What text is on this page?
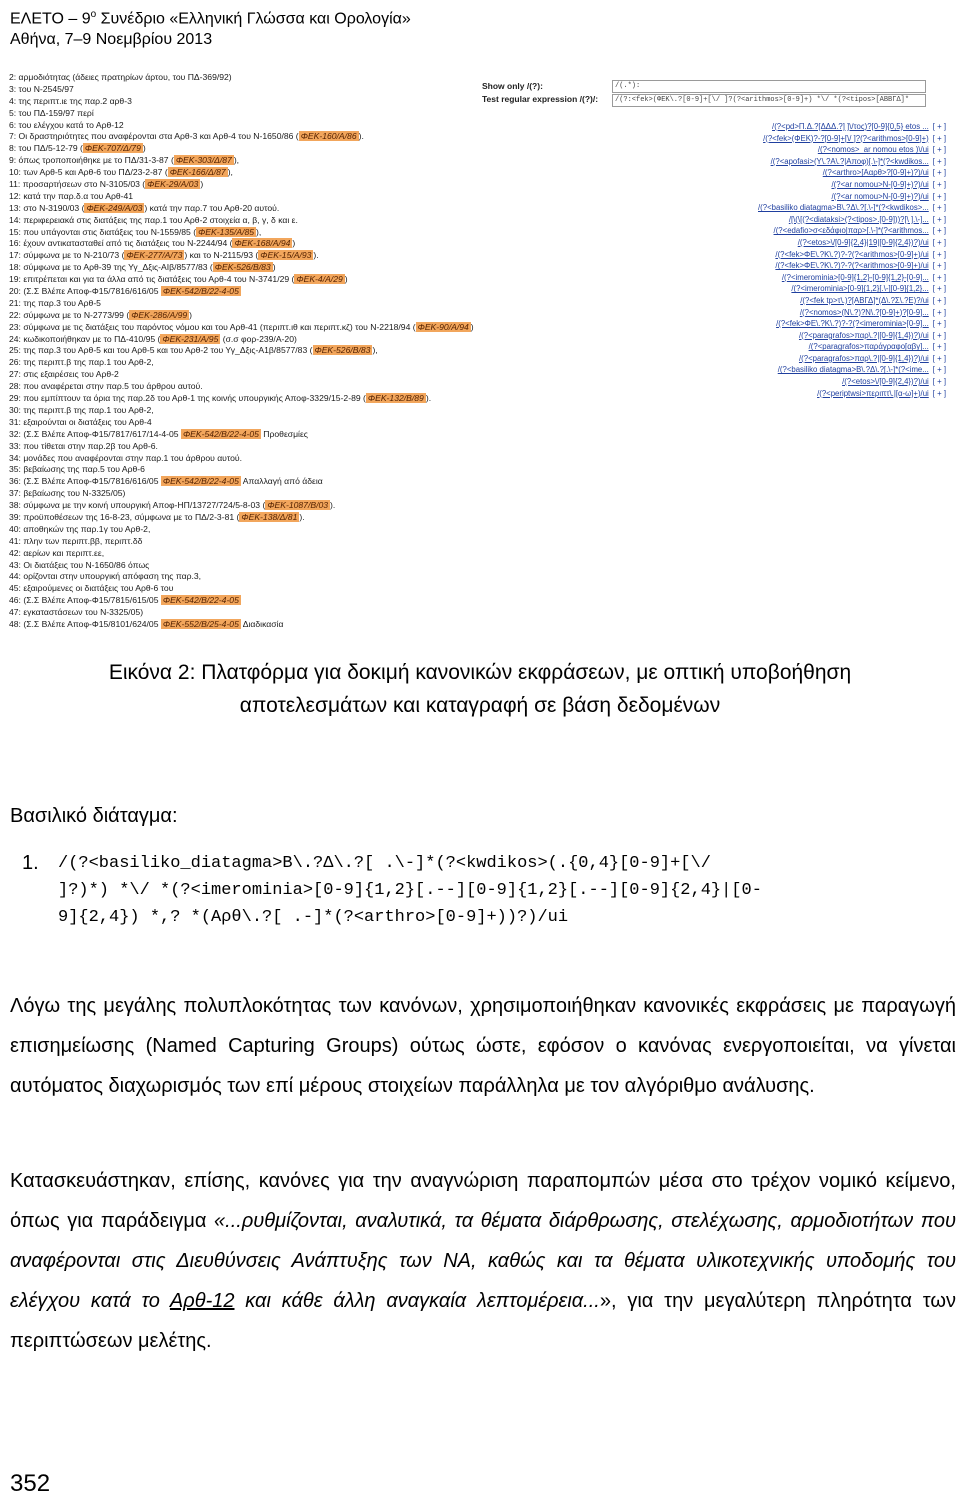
ΕΛΕΤΟ – $9^o$ Συνέδριο «Ελληνική Γλώσσα και Ορολογία»
Αθήνα, 7–9 Νοεμβρίου 2013
2: αρμοδιότητας (άδειες πρατηρίων άρτου, του ΠΔ-369/92)
3: του Ν-2545/97
4: της περιπτ.ιε της παρ.2 αρθ-3
5: του ΠΔ-159/97 περί
6: του ελέγχου κατά το Αρθ-12
7: Οι δραστηριότητες που αναφέρονται στα Αρθ-3 και Αρθ-4 του Ν-1650/86 ( ΦΕΚ-160/Α/86 ).
8: του ΠΔ/5-12-79 ( ΦΕΚ-707/Δ/79 )
9: όπως τροποποιήθηκε με το ΠΔ/31-3-87 ( ΦΕΚ-303/Δ/87 ),
10: των Αρθ-5 και Αρθ-6 του ΠΔ/23-2-87 ( ΦΕΚ-166/Δ/87 ),
11: προσαρτήσεων στο Ν-3105/03 ( ΦΕΚ-29/Α/03 )
12: κατά την παρ.δ.α του Αρθ-41
13: στο Ν-3190/03 ( ΦΕΚ-249/Α/03 ) κατά την παρ.7 του Αρθ-20 αυτού.
14: περιφερειακά στις διατάξεις της παρ.1 του Αρθ-2 στοιχεία α, β, γ, δ και ε.
15: που υπάγονται στις διατάξεις του Ν-1559/85 ( ΦΕΚ-135/Α/85 ),
16: έχουν αντικατασταθεί από τις διατάξεις του Ν-2244/94 ( ΦΕΚ-168/Α/94 )
17: σύμφωνα με το Ν-210/73 ( ΦΕΚ-277/Α/73 ) και το Ν-2115/93 ( ΦΕΚ-15/Α/93 ).
18: σύμφωνα με το Αρθ-39 της Υγ_Δξις-ΑΙβ/8577/83 ( ΦΕΚ-526/Β/83 )
19: επιτρέπεται και για τα άλλα από τις διατάξεις του Αρθ-4 του Ν-3741/29 ( ΦΕΚ-4/Α/29 )
20: (Σ.Σ Βλέπε Αποφ-Φ15/7816/616/05 ΦΕΚ-542/Β/22-4-05
21: της παρ.3 του Αρθ-5
22: σύμφωνα με το Ν-2773/99 ( ΦΕΚ-286/Α/99 )
23: σύμφωνα με τις διατάξεις του παρόντος νόμου και του Αρθ-41 (περιπτ.ιθ και περιπτ.κζ) του Ν-2218/94 ( ΦΕΚ-90/Α/94 )
24: κωδικοποιήθηκαν με το ΠΔ-410/95 ( ΦΕΚ-231/Α/95 (σ.σ φορ-239/Α-20)
25: της παρ.3 του Αρθ-5 και του Αρθ-5 και του Αρθ-2 του Υγ_Δξις-Α1β/8577/83 ( ΦΕΚ-526/Β/83 ),
26: της περιπτ.β της παρ.1 του Αρθ-2,
27: στις εξαιρέσεις του Αρθ-2
28: που αναφέρεται στην παρ.5 του άρθρου αυτού.
29: που εμπίπτουν τα όρια της παρ.2δ του Αρθ-1 της κοινής υπουργικής Αποφ-3329/15-2-89 ( ΦΕΚ-132/Β/89 ).
30: της περιπτ.β της παρ.1 του Αρθ-2,
31: εξαιρούνται οι διατάξεις του Αρθ-4
32: (Σ.Σ Βλέπε Αποφ-Φ15/7817/617/14-4-05 ΦΕΚ-542/Β/22-4-05 Προθεσμίες
33: που τίθεται στην παρ.2β του Αρθ-6.
34: μονάδες που αναφέρονται στην παρ.1 του άρθρου αυτού.
35: βεβαίωσης της παρ.5 του Αρθ-6
36: (Σ.Σ Βλέπε Αποφ-Φ15/7816/616/05 ΦΕΚ-542/Β/22-4-05 Απαλλαγή από άδεια
37: βεβαίωσης του Ν-3325/05)
38: σύμφωνα με την κοινή υπουργική Αποφ-ΗΠ/13727/724/5-8-03 ( ΦΕΚ-1087/Β/03 ).
39: προϋποθέσεων της 16-8-23, σύμφωνα με το ΠΔ/2-3-81 ( ΦΕΚ-138/Δ/81 ).
40: αποθηκών της παρ.1γ του Αρθ-2,
41: πλην των περιπτ.ββ, περιπτ.δδ
42: αερίων και περιπτ.εε,
43: Οι διατάξεις του Ν-1650/86 όπως
44: ορίζονται στην υπουργική απόφαση της παρ.3,
45: εξαιρούμενες οι διατάξεις του Αρθ-6 του
46: (Σ.Σ Βλέπε Αποφ-Φ15/7815/615/05 ΦΕΚ-542/Β/22-4-05
47: εγκαταστάσεων του Ν-3325/05)
48: (Σ.Σ Βλέπε Αποφ-Φ15/8101/624/05 ΦΕΚ-552/Β/25-4-05 Διαδικασία
Show only /(?):	/(.*):
Test regular expression /(?)/: /(?:<fek>(ΦΕΚ\.?[0-9]+[\/ ]?(?<arithmos>[0-9]+) *\/ *(?<tipos>[ΑΒΒΓΔ]*
/(?<pd>Π.Δ.?[ΔΔΔ.?] ]\/τος)?[0-9]{0,5} etos ... [ + ]
/(?<fek>(ΦΕΚ)?-?[0-9]+[\/ ]?(?<arithmos>[0-9]+) [ + ]
/(?<nomos>_ar nomou etos )\/ui [ + ]
/(?<apofasi>(Υ\.?Α\.?|Αποφ)[.\-]*(?<kwdikos... [ + ]
/(?<arthro>[Ααρθ>?[0-9]+)?)/ui [ + ]
/(?<ar nomou>Ν-[0-9]+)?)/ui [ + ]
/(?<ar nomou>Ν-[0-9]+)?)/ui [ + ]
/(?<basiliko diatagma>Β\.?Δ\.?[.\-]*(?<kwdikos>... [ + ]
/[\(\[(?<diataksi>(?<tipos>.[0-9]))?[\ ].\-]... [ + ]
/(?<edafio>σ<εδάφιο|παρ>[.\-]*(?<arithmos... [ + ]
/(?<etos>\/[0-9]{2,4}|19|[0-9]{2,4})?)/ui [ + ]
/(?<fek>ΦΕ\.?Κ\.?)?-?(?<arithmos>[0-9]+)/ui [ + ]
/(?<fek>ΦΕ\.?Κ\.?)?-?(?<arithmos>[0-9]+)/ui [ + ]
/(?<imerominia>[0-9]{1,2}-[0-9]{1,2}-[0-9]... [ + ]
/(?<imerominia>[0-9]{1,2}[.\-][0-9]{1,2}... [ + ]
/(?<fek tp>τ\.)?[ΑΒΓΔ]*(Δ\.?Σ\.?Ε)?/ui [ + ]
/(?<nomos>(Ν\.?)?Ν\.?[0-9]+)?[0-9]... [ + ]
/(?<fek>ΦΕ\.?Κ\.?)?-?(?<imerominia>[0-9]... [ + ]
/(?<paragrafos>παρ\.?|[0-9]{1,4})?)/ui [ + ]
/(?<paragrafos>παράγραφο[αβγ]... [ + ]
/(?<paragrafos>παρ\.?|[0-9]{1,4})?)/ui [ + ]
/(?<basiliko diatagma>Β\.?Δ\.?[.\-]*(?<ime... [ + ]
/(?<etos>\/[0-9]{2,4})?)/ui [ + ]
/(?<periptwsi>περιπτ\.|[α-ω]+)/ui [ + ]
Εικόνα 2: Πλατφόρμα για δοκιμή κανονικών εκφράσεων, με οπτική υποβοήθηση
αποτελεσμάτων και καταγραφή σε βάση δεδομένων
Βασιλικό διάταγμα:
1. /(?<basiliko_diatagma>Β\.?Δ\.?[ .\-]*(?<kwdikos>(.{0,4}[0-9]+[\/
]?)*) *\/ *(?<imerominia>[0-9]{1,2}[.--][0-9]{1,2}[.--][0-9]{2,4}|[0-
9]{2,4}) *,? *(Αρθ\.?[ .-]*(?<arthro>[0-9]+))?)/ui
Λόγω της μεγάλης πολυπλοκότητας των κανόνων, χρησιμοποιήθηκαν κανονικές εκφράσεις με παραγωγή επισημείωσης (Named Capturing Groups) ούτως ώστε, εφόσον ο κανόνας ενεργοποιείται, να γίνεται αυτόματος διαχωρισμός των επί μέρους στοιχείων παράλληλα με τον αλγόριθμο ανάλυσης.
Κατασκευάστηκαν, επίσης, κανόνες για την αναγνώριση παραπομπών μέσα στο τρέχον νομικό κείμενο, όπως για παράδειγμα «...ρυθμίζονται, αναλυτικά, τα θέματα διάρθρωσης, στελέχωσης, αρμοδιοτήτων που αναφέρονται στις Διευθύνσεις Ανάπτυξης των ΝΑ, καθώς και τα θέματα υλικοτεχνικής υποδομής του ελέγχου κατά το Αρθ-12 και κάθε άλλη αναγκαία λεπτομέρεια...», για την μεγαλύτερη πληρότητα των περιπτώσεων μελέτης.
352
